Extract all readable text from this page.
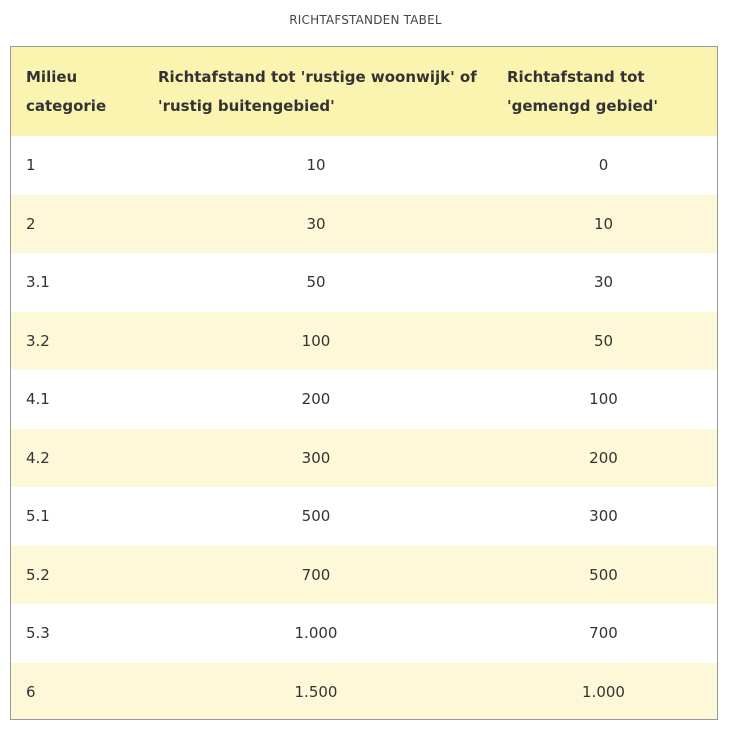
RICHTAFSTANDEN TABEL
Milieu categorie	Richtafstand tot 'rustige woonwijk' of 'rustig buitengebied'	Richtafstand tot 'gemengd gebied'
1	10	0
2	30	10
3.1	50	30
3.2	100	50
4.1	200	100
4.2	300	200
5.1	500	300
5.2	700	500
5.3	1.000	700
6	1.500	1.000
